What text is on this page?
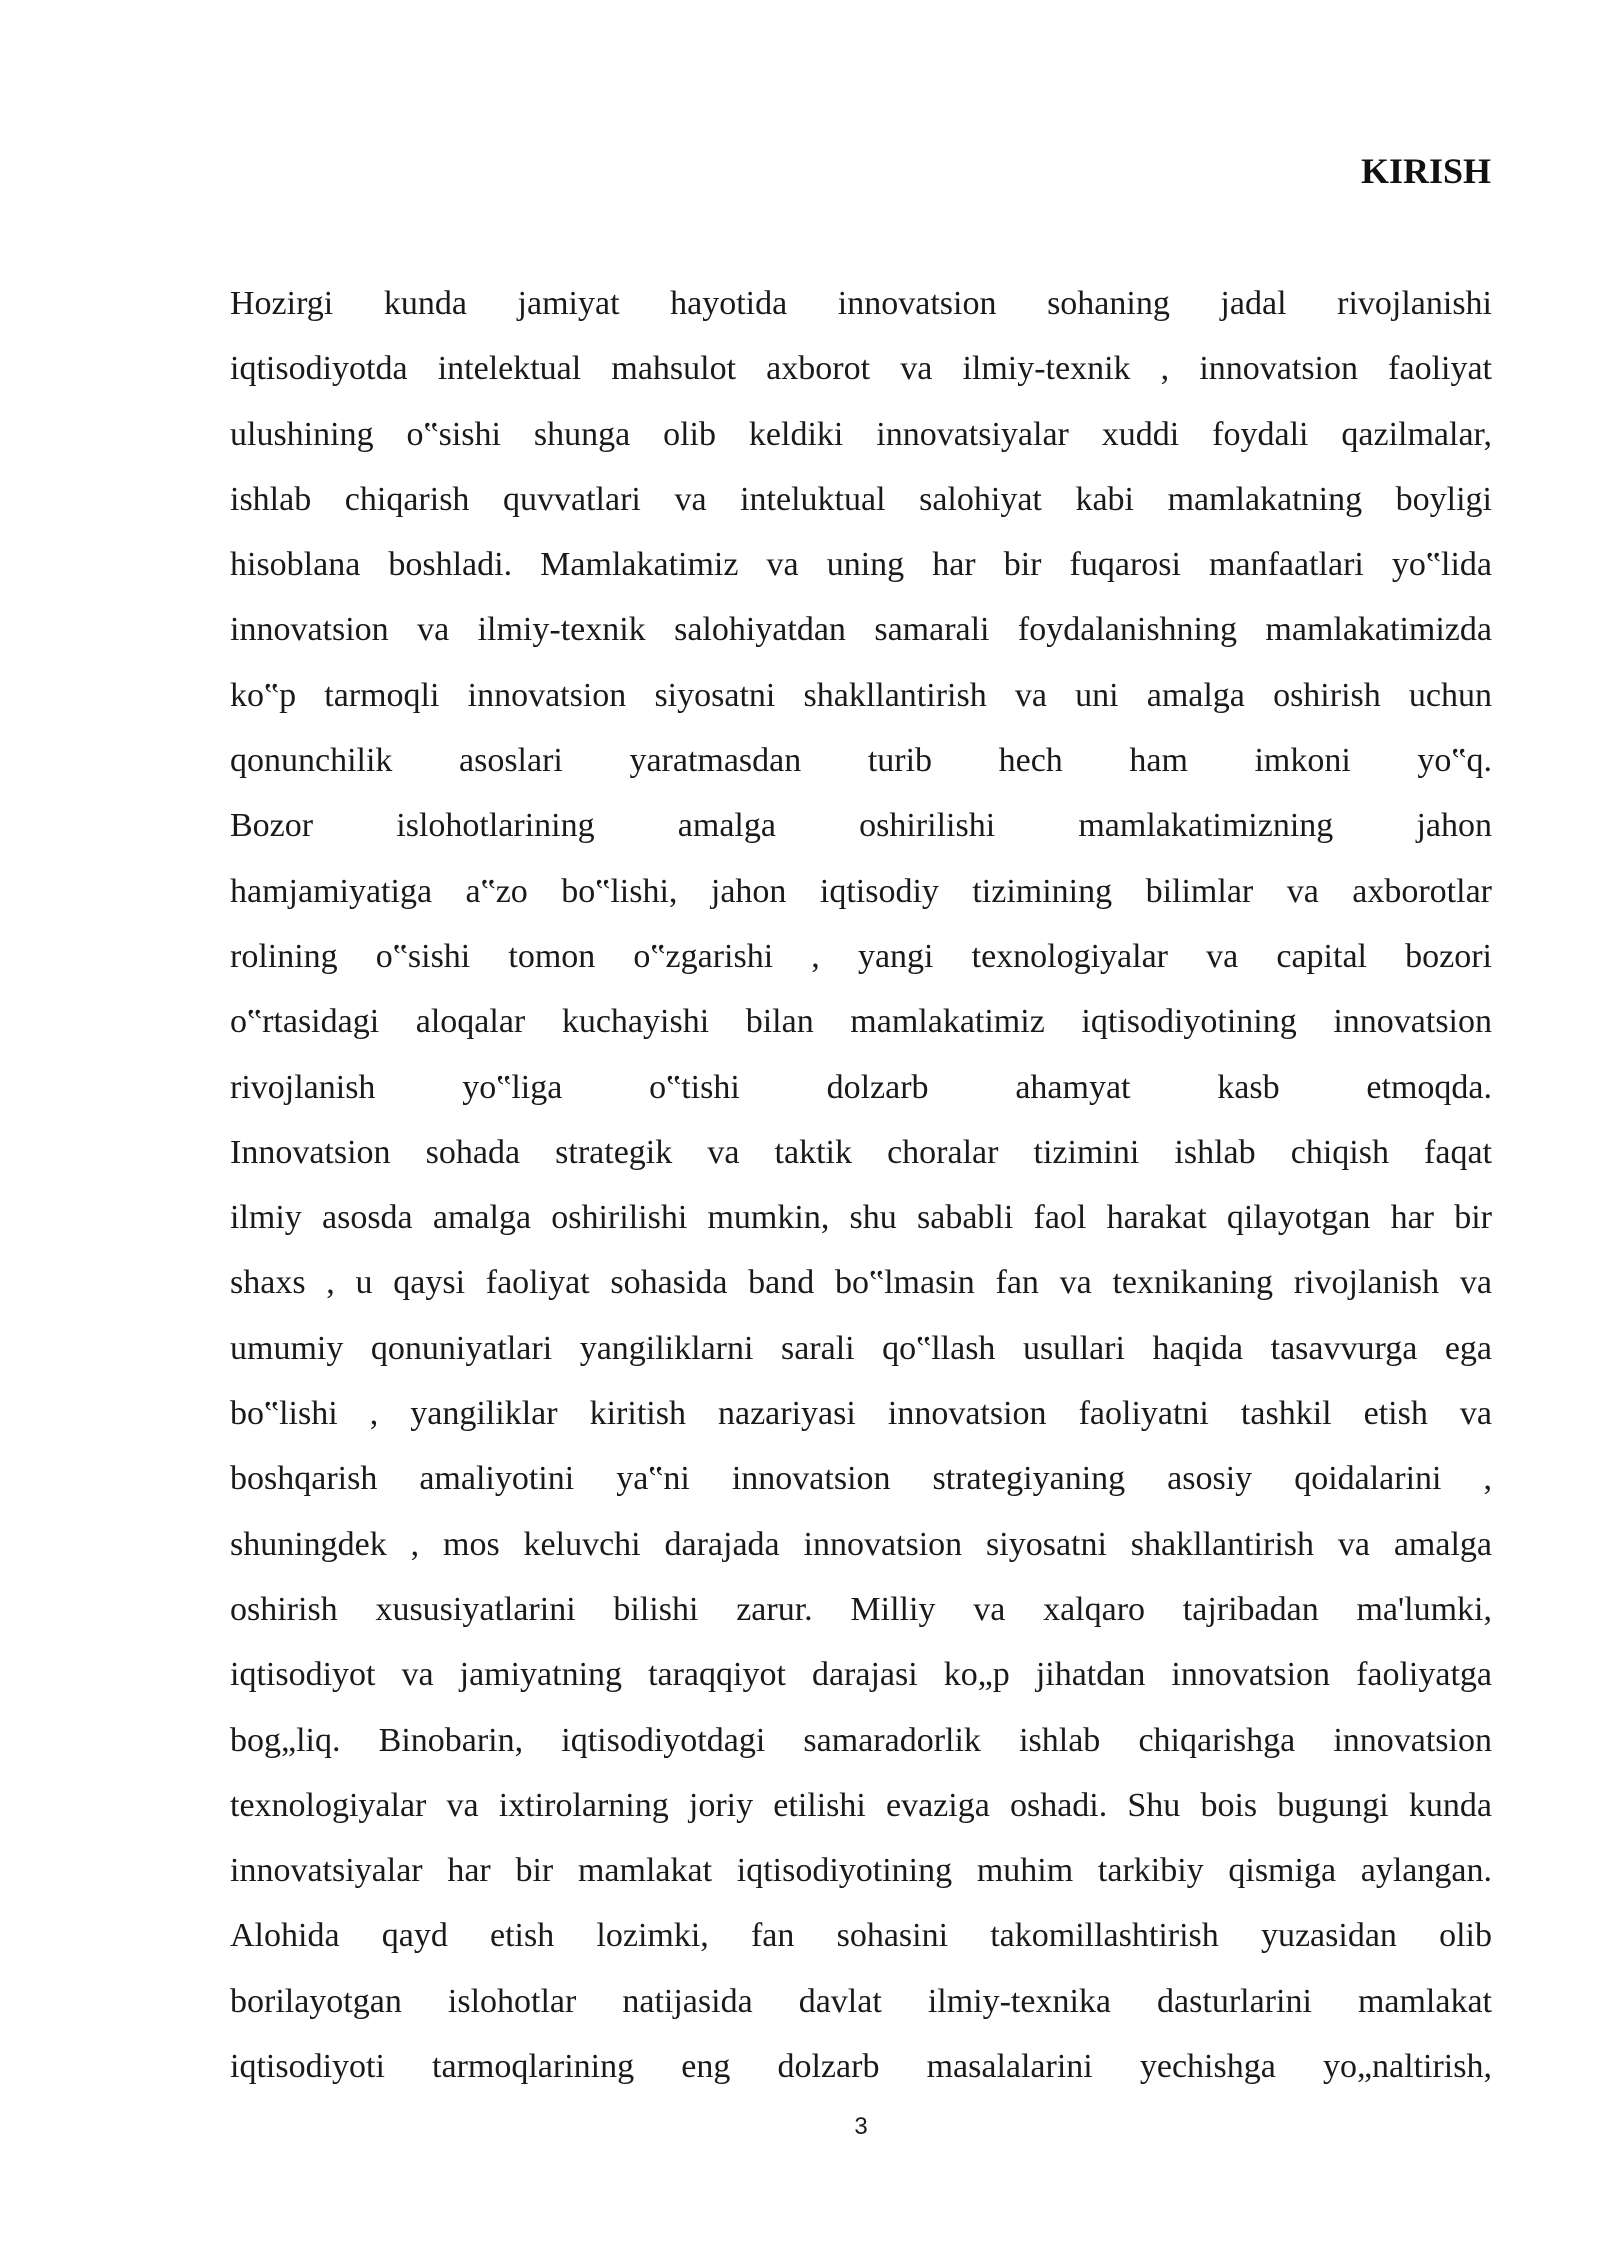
KIRISH
Hozirgi kunda jamiyat hayotida innovatsion sohaning jadal rivojlanishi
iqtisodiyotda intelektual mahsulot axborot va ilmiy-texnik , innovatsion faoliyat
ulushining o‟sishi shunga olib keldiki innovatsiyalar xuddi foydali qazilmalar,
ishlab chiqarish quvvatlari va inteluktual salohiyat kabi mamlakatning boyligi
hisoblana boshladi. Mamlakatimiz va uning har bir fuqarosi manfaatlari yo‟lida
innovatsion va ilmiy-texnik salohiyatdan samarali foydalanishning mamlakatimizda
ko‟p tarmoqli innovatsion siyosatni shakllantirish va uni amalga oshirish uchun
qonunchilik asoslari yaratmasdan turib hech ham imkoni yo‟q.
Bozor islohotlarining amalga oshirilishi mamlakatimizning jahon
hamjamiyatiga a‟zo bo‟lishi, jahon iqtisodiy tizimining bilimlar va axborotlar
rolining o‟sishi tomon o‟zgarishi , yangi texnologiyalar va capital bozori
o‟rtasidagi aloqalar kuchayishi bilan mamlakatimiz iqtisodiyotining innovatsion
rivojlanish yo‟liga o‟tishi dolzarb ahamyat kasb etmoqda.
Innovatsion sohada strategik va taktik choralar tizimini ishlab chiqish faqat
ilmiy asosda amalga oshirilishi mumkin, shu sababli faol harakat qilayotgan har bir
shaxs , u qaysi faoliyat sohasida band bo‟lmasin fan va texnikaning rivojlanish va
umumiy qonuniyatlari yangiliklarni sarali qo‟llash usullari haqida tasavvurga ega
bo‟lishi , yangiliklar kiritish nazariyasi innovatsion faoliyatni tashkil etish va
boshqarish amaliyotini ya‟ni innovatsion strategiyaning asosiy qoidalarini ,
shuningdek , mos keluvchi darajada innovatsion siyosatni shakllantirish va amalga
oshirish xususiyatlarini bilishi zarur. Milliy va xalqaro tajribadan ma'lumki,
iqtisodiyot va jamiyatning taraqqiyot darajasi ko„p jihatdan innovatsion faoliyatga
bog„liq. Binobarin, iqtisodiyotdagi samaradorlik ishlab chiqarishga innovatsion
texnologiyalar va ixtirolarning joriy etilishi evaziga oshadi. Shu bois bugungi kunda
innovatsiyalar har bir mamlakat iqtisodiyotining muhim tarkibiy qismiga aylangan.
Alohida qayd etish lozimki, fan sohasini takomillashtirish yuzasidan olib
borilayotgan islohotlar natijasida davlat ilmiy-texnika dasturlarini mamlakat
iqtisodiyoti tarmoqlarining eng dolzarb masalalarini yechishga yo„naltirish,
3
